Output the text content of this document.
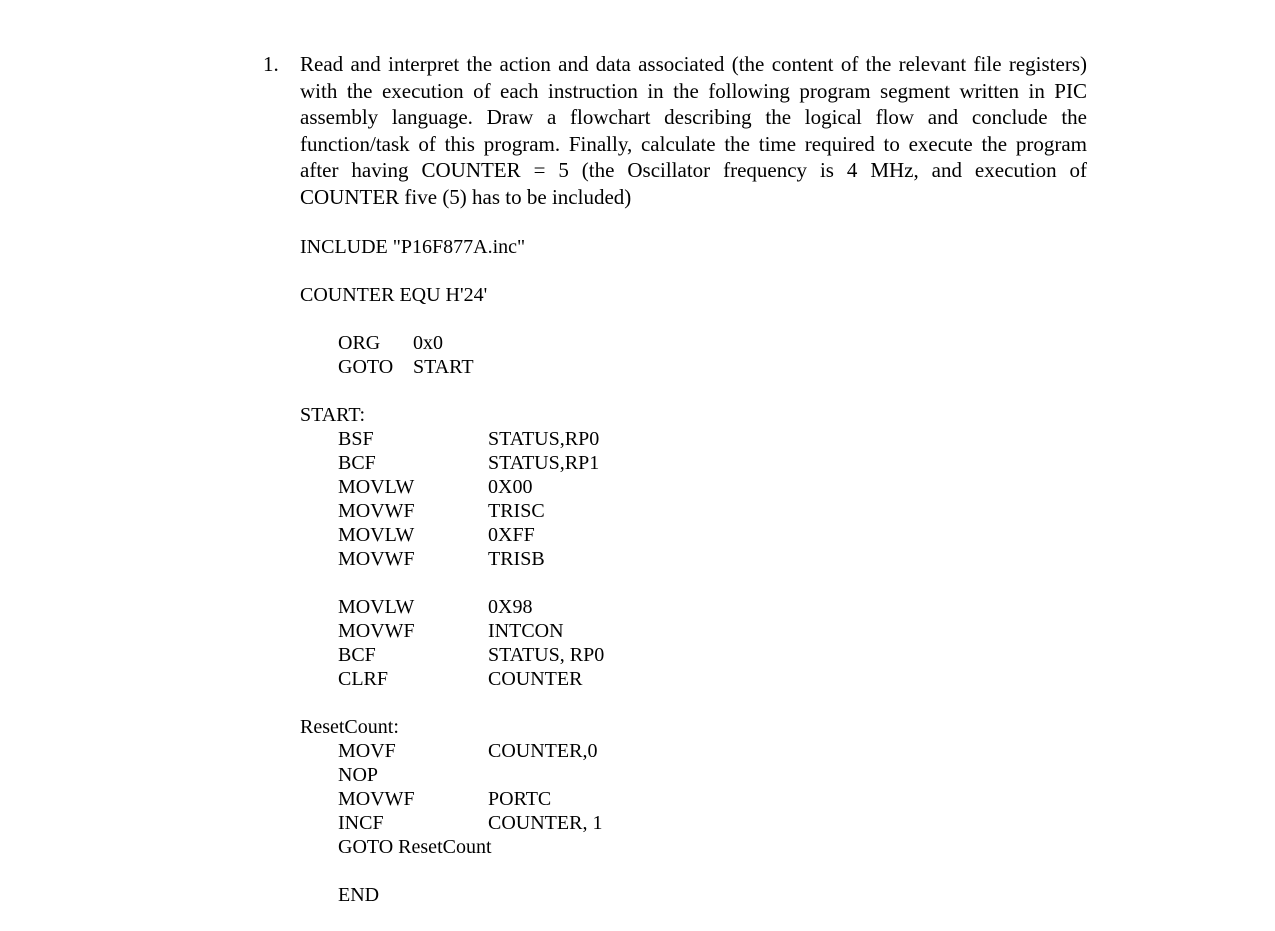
1. Read and interpret the action and data associated (the content of the relevant file registers) with the execution of each instruction in the following program segment written in PIC assembly language. Draw a flowchart describing the logical flow and conclude the function/task of this program. Finally, calculate the time required to execute the program after having COUNTER = 5 (the Oscillator frequency is 4 MHz, and execution of COUNTER five (5) has to be included)
INCLUDE "P16F877A.inc"
COUNTER EQU H'24'
ORG 0x0
GOTO START
START:
BSF	STATUS,RP0
BCF	STATUS,RP1
MOVLW	0X00
MOVWF	TRISC
MOVLW	0XFF
MOVWF	TRISB
MOVLW	0X98
MOVWF	INTCON
BCF	STATUS, RP0
CLRF	COUNTER
ResetCount:
MOVF	COUNTER,0
NOP
MOVWF	PORTC
INCF	COUNTER, 1
GOTO ResetCount
END
